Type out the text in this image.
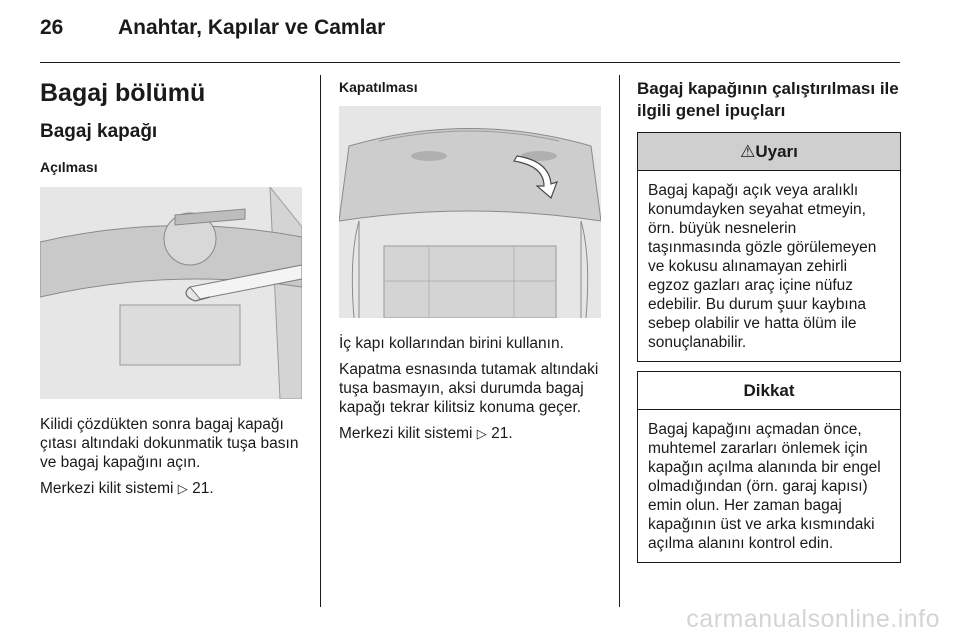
26	Anahtar, Kapılar ve Camlar
Bagaj bölümü
Bagaj kapağı
Açılması

Kilidi çözdükten sonra bagaj kapağı çıtası altındaki dokunmatik tuşa basın ve bagaj kapağını açın.

Merkezi kilit sistemi ▷ 21.

Kapatılması

İç kapı kollarından birini kullanın.

Kapatma esnasında tutamak altındaki tuşa basmayın, aksi durumda bagaj kapağı tekrar kilitsiz konuma geçer.

Merkezi kilit sistemi ▷ 21.

Bagaj kapağının çalıştırılması ile ilgili genel ipuçları
⚠Uyarı
Bagaj kapağı açık veya aralıklı konumdayken seyahat etmeyin, örn. büyük nesnelerin taşınmasında gözle görülemeyen ve kokusu alınamayan zehirli egzoz gazları araç içine nüfuz edebilir. Bu durum şuur kaybına sebep olabilir ve hatta ölüm ile sonuçlanabilir.
Dikkat
Bagaj kapağını açmadan önce, muhtemel zararları önlemek için kapağın açılma alanında bir engel olmadığından (örn. garaj kapısı) emin olun. Her zaman bagaj kapağının üst ve arka kısmındaki açılma alanını kontrol edin.
carmanualsonline.info
